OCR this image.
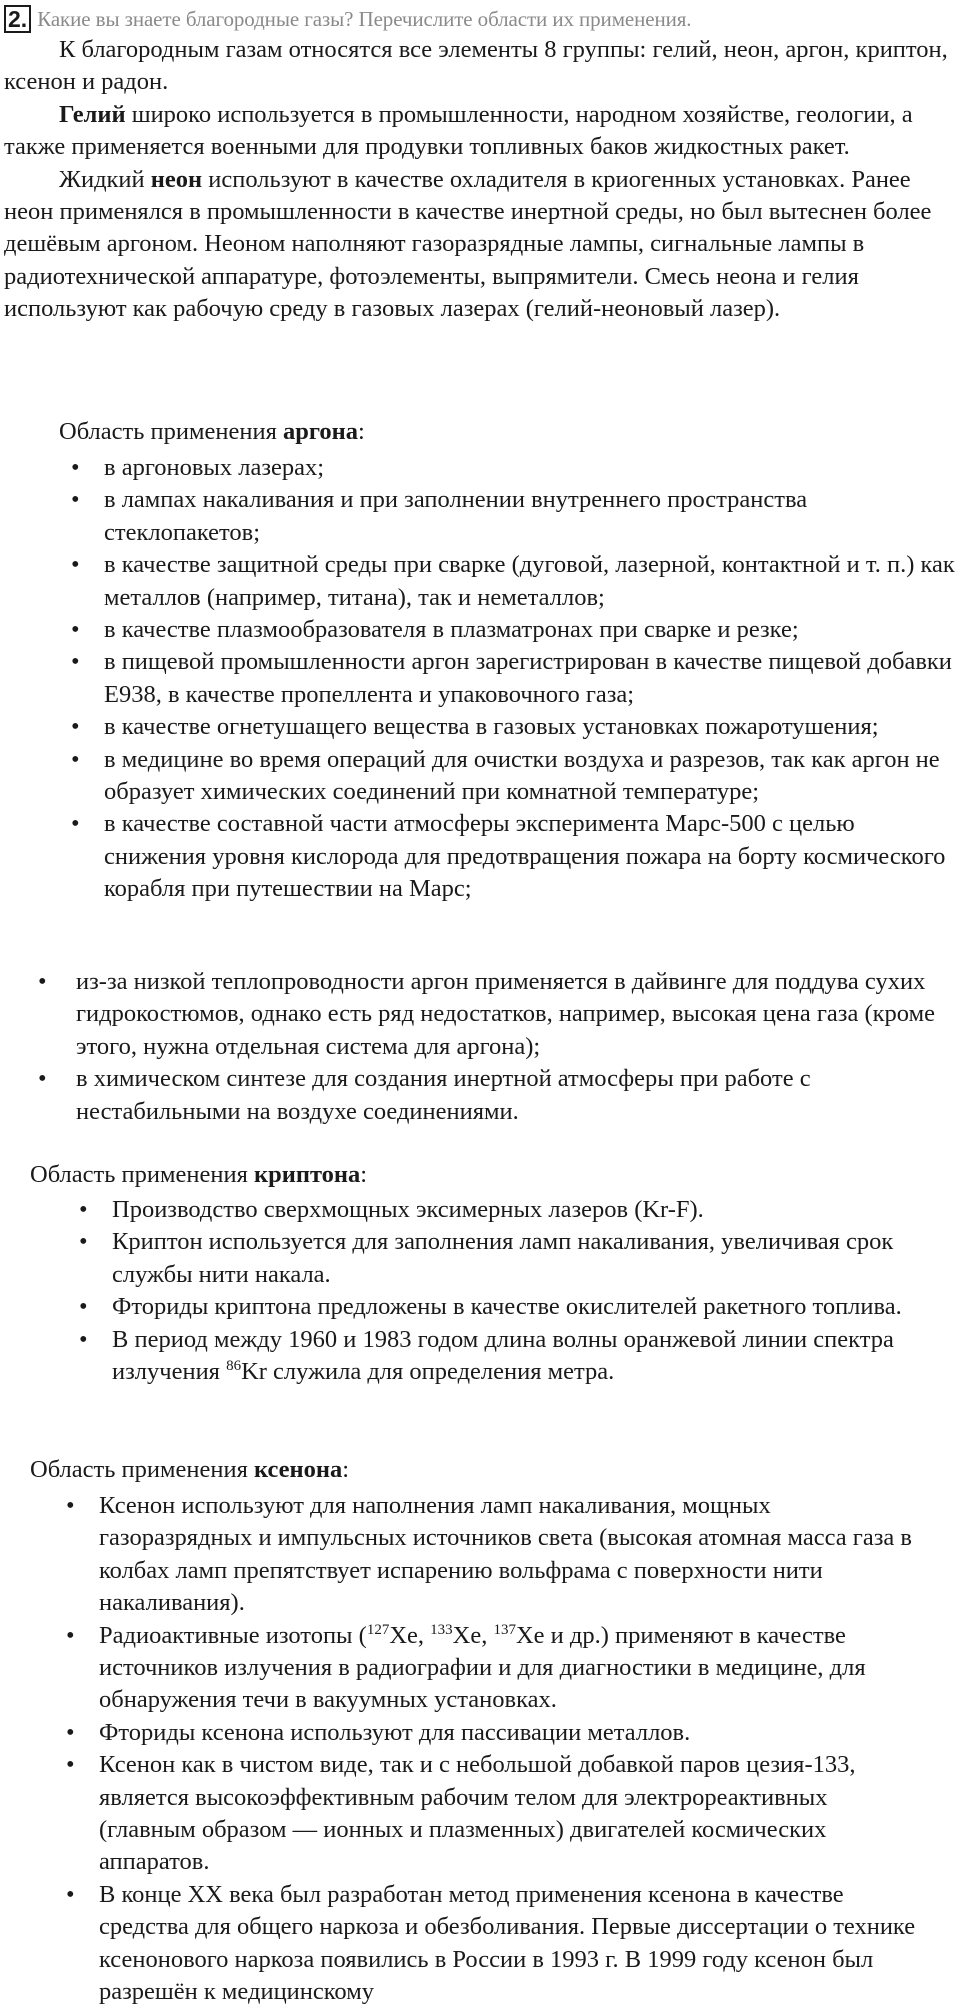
2. Какие вы знаете благородные газы? Перечислите области их применения.

К благородным газам относятся все элементы 8 группы: гелий, неон, аргон, криптон, ксенон и радон.

Гелий широко используется в промышленности, народном хозяйстве, геологии, а также применяется военными для продувки топливных баков жидкостных ракет.

Жидкий неон используют в качестве охладителя в криогенных установках. Ранее неон применялся в промышленности в качестве инертной среды, но был вытеснен более дешёвым аргоном. Неоном наполняют газоразрядные лампы, сигнальные лампы в радиотехнической аппаратуре, фотоэлементы, выпрямители. Смесь неона и гелия используют как рабочую среду в газовых лазерах (гелий-неоновый лазер).

Область применения аргона:
• в аргоновых лазерах;
• в лампах накаливания и при заполнении внутреннего пространства стеклопакетов;
• в качестве защитной среды при сварке (дуговой, лазерной, контактной и т. п.) как металлов (например, титана), так и неметаллов;
• в качестве плазмообразователя в плазматронах при сварке и резке;
• в пищевой промышленности аргон зарегистрирован в качестве пищевой добавки E938, в качестве пропеллента и упаковочного газа;
• в качестве огнетушащего вещества в газовых установках пожаротушения;
• в медицине во время операций для очистки воздуха и разрезов, так как аргон не образует химических соединений при комнатной температуре;
• в качестве составной части атмосферы эксперимента Марс-500 с целью снижения уровня кислорода для предотвращения пожара на борту космического корабля при путешествии на Марс;
• из-за низкой теплопроводности аргон применяется в дайвинге для поддува сухих гидрокостюмов, однако есть ряд недостатков, например, высокая цена газа (кроме этого, нужна отдельная система для аргона);
• в химическом синтезе для создания инертной атмосферы при работе с нестабильными на воздухе соединениями.
Область применения криптона:
• Производство сверхмощных эксимерных лазеров (Kr-F).
• Криптон используется для заполнения ламп накаливания, увеличивая срок службы нити накала.
• Фториды криптона предложены в качестве окислителей ракетного топлива.
• В период между 1960 и 1983 годом длина волны оранжевой линии спектра излучения $^{86}$Kr служила для определения метра.
Область применения ксенона:
• Ксенон используют для наполнения ламп накаливания, мощных газоразрядных и импульсных источников света (высокая атомная масса газа в колбах ламп препятствует испарению вольфрама с поверхности нити накаливания).
• Радиоактивные изотопы ($^{127}$Xe, $^{133}$Xe, $^{137}$Xe и др.) применяют в качестве источников излучения в радиографии и для диагностики в медицине, для обнаружения течи в вакуумных установках.
• Фториды ксенона используют для пассивации металлов.
• Ксенон как в чистом виде, так и с небольшой добавкой паров цезия-133, является высокоэффективным рабочим телом для электрореактивных (главным образом — ионных и плазменных) двигателей космических аппаратов.
• В конце XX века был разработан метод применения ксенона в качестве средства для общего наркоза и обезболивания. Первые диссертации о технике ксенонового наркоза появились в России в 1993 г. В 1999 году ксенон был разрешён к медицинскому
